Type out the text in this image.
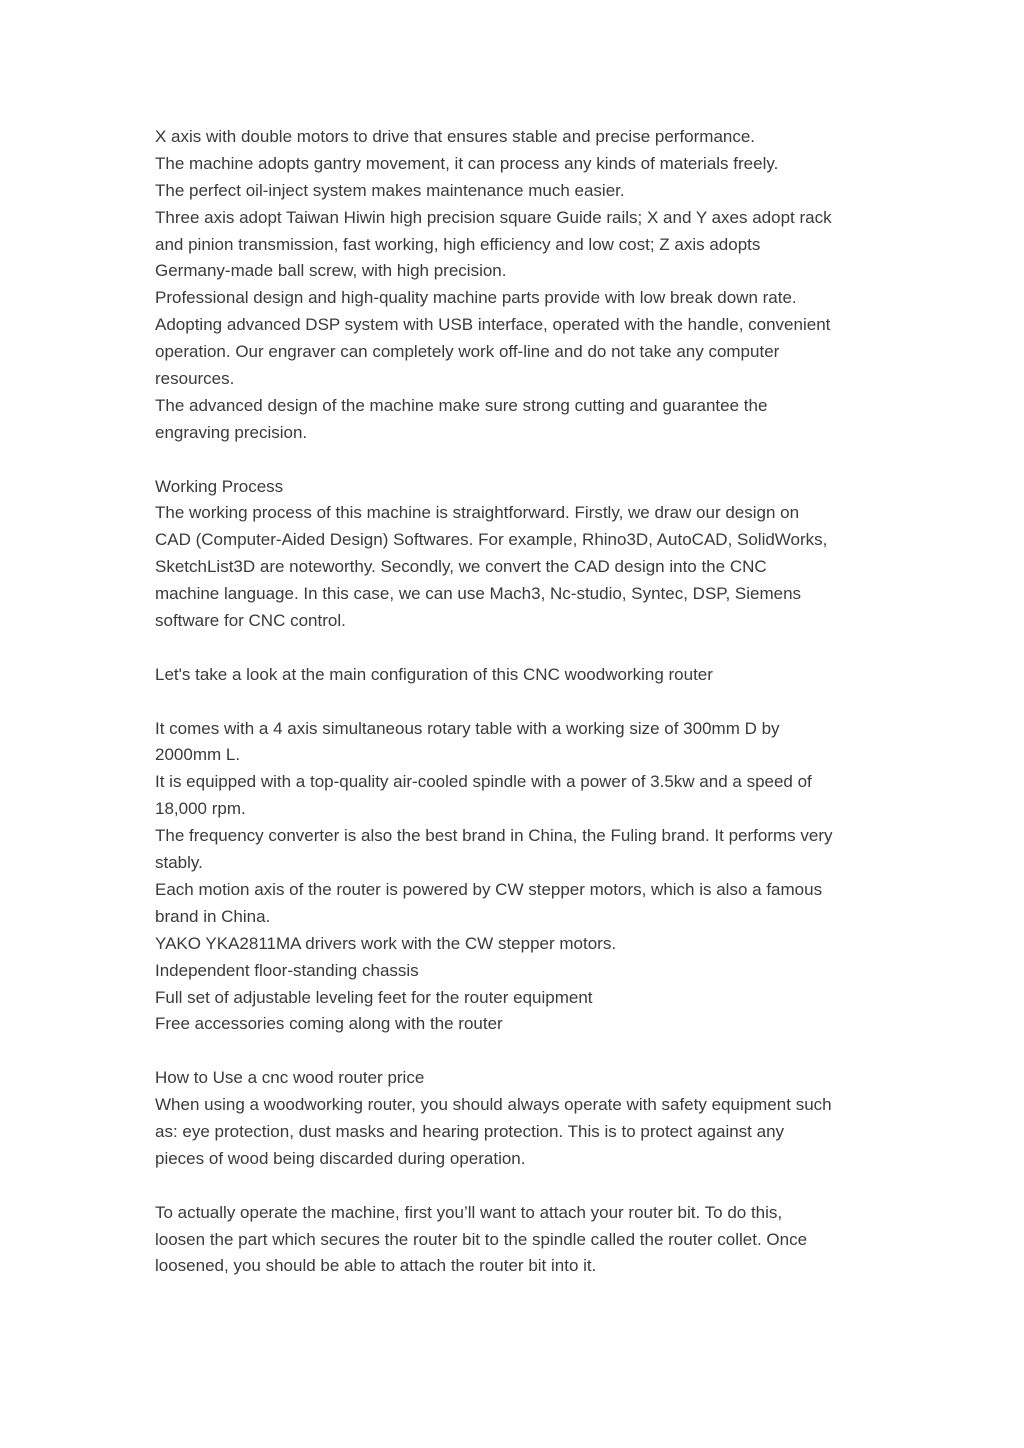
X axis with double motors to drive that ensures stable and precise performance.
The machine adopts gantry movement, it can process any kinds of materials freely.
The perfect oil-inject system makes maintenance much easier.
Three axis adopt Taiwan Hiwin high precision square Guide rails; X and Y axes adopt rack
and pinion transmission, fast working, high efficiency and low cost; Z axis adopts
Germany-made ball screw, with high precision.
Professional design and high-quality machine parts provide with low break down rate.
Adopting advanced DSP system with USB interface, operated with the handle, convenient
operation. Our engraver can completely work off-line and do not take any computer
resources.
The advanced design of the machine make sure strong cutting and guarantee the
engraving precision.
Working Process
The working process of this machine is straightforward. Firstly, we draw our design on
CAD (Computer-Aided Design) Softwares. For example, Rhino3D, AutoCAD, SolidWorks,
SketchList3D are noteworthy. Secondly, we convert the CAD design into the CNC
machine language. In this case, we can use Mach3, Nc-studio, Syntec, DSP, Siemens
software for CNC control.
Let's take a look at the main configuration of this CNC woodworking router
It comes with a 4 axis simultaneous rotary table with a working size of 300mm D by
2000mm L.
It is equipped with a top-quality air-cooled spindle with a power of 3.5kw and a speed of
18,000 rpm.
The frequency converter is also the best brand in China, the Fuling brand. It performs very
stably.
Each motion axis of the router is powered by CW stepper motors, which is also a famous
brand in China.
YAKO YKA2811MA drivers work with the CW stepper motors.
Independent floor-standing chassis
Full set of adjustable leveling feet for the router equipment
Free accessories coming along with the router
How to Use a cnc wood router price
When using a woodworking router, you should always operate with safety equipment such
as: eye protection, dust masks and hearing protection. This is to protect against any
pieces of wood being discarded during operation.
To actually operate the machine, first you’ll want to attach your router bit. To do this,
loosen the part which secures the router bit to the spindle called the router collet. Once
loosened, you should be able to attach the router bit into it.
